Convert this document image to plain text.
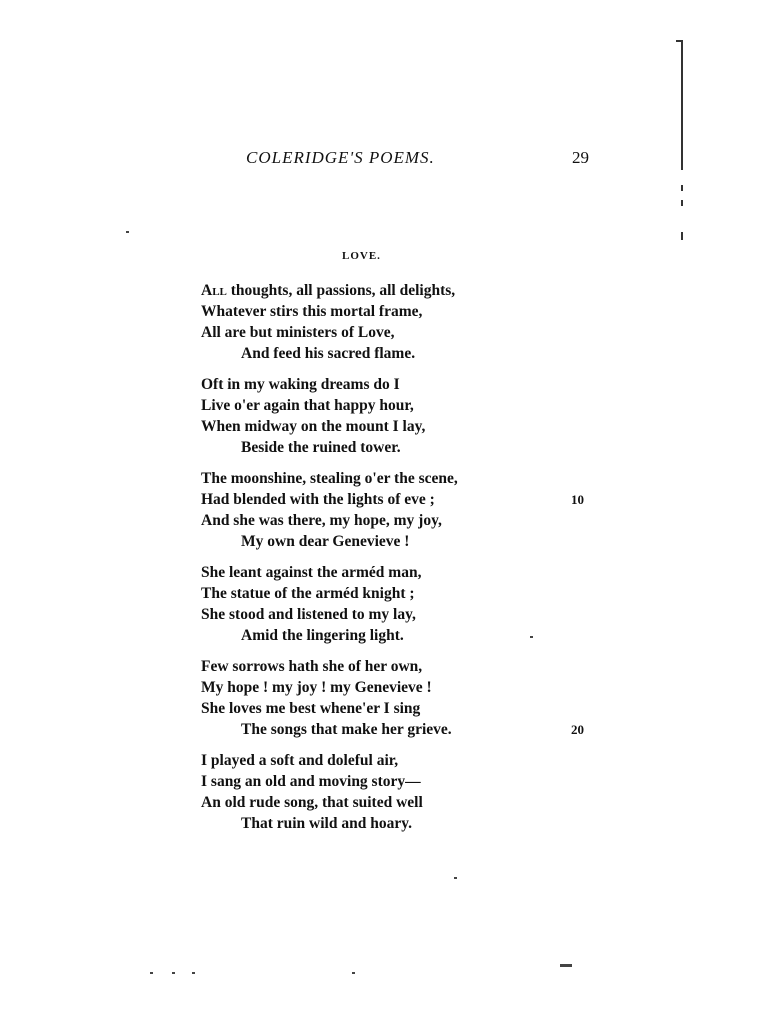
COLERIDGE'S POEMS.	29
LOVE.
All thoughts, all passions, all delights,
Whatever stirs this mortal frame,
All are but ministers of Love,
And feed his sacred flame.
Oft in my waking dreams do I
Live o'er again that happy hour,
When midway on the mount I lay,
Beside the ruined tower.
The moonshine, stealing o'er the scene,
Had blended with the lights of eve ;	10
And she was there, my hope, my joy,
My own dear Genevieve !
She leant against the arméd man,
The statue of the arméd knight ;
She stood and listened to my lay,
Amid the lingering light.
Few sorrows hath she of her own,
My hope ! my joy ! my Genevieve !
She loves me best whene'er I sing
The songs that make her grieve.	20
I played a soft and doleful air,
I sang an old and moving story—
An old rude song, that suited well
That ruin wild and hoary.
